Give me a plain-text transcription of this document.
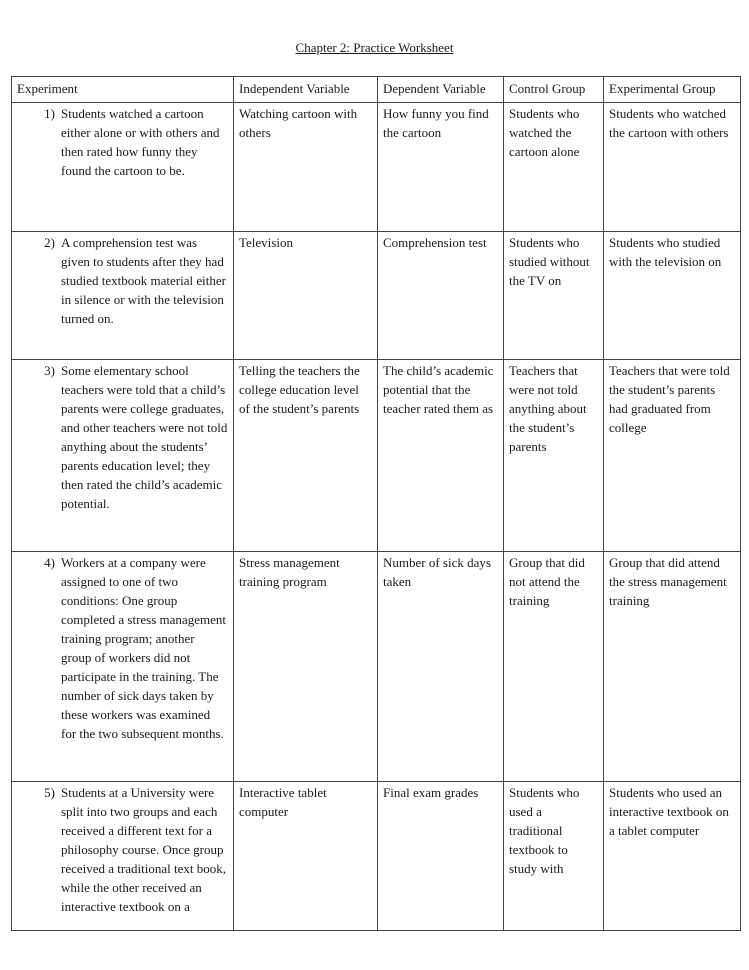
Chapter 2: Practice Worksheet
Experiment	Independent Variable	Dependent Variable	Control Group	Experimental Group

1) Students watched a cartoon either alone or with others and then rated how funny they found the cartoon to be.	Watching cartoon with others	How funny you find the cartoon	Students who watched the cartoon alone	Students who watched the cartoon with others

2) A comprehension test was given to students after they had studied textbook material either in silence or with the television turned on.	Television	Comprehension test	Students who studied without the TV on	Students who studied with the television on

3) Some elementary school teachers were told that a child’s parents were college graduates, and other teachers were not told anything about the students’ parents education level; they then rated the child’s academic potential.	Telling the teachers the college education level of the student’s parents	The child’s academic potential that the teacher rated them as	Teachers that were not told anything about the student’s parents	Teachers that were told the student’s parents had graduated from college

4) Workers at a company were assigned to one of two conditions: One group completed a stress management training program; another group of workers did not participate in the training. The number of sick days taken by these workers was examined for the two subsequent months.	Stress management training program	Number of sick days taken	Group that did not attend the training	Group that did attend the stress management training

5) Students at a University were split into two groups and each received a different text for a philosophy course. Once group received a traditional text book, while the other received an interactive textbook on a	Interactive tablet computer	Final exam grades	Students who used a traditional textbook to study with	Students who used an interactive textbook on a tablet computer
